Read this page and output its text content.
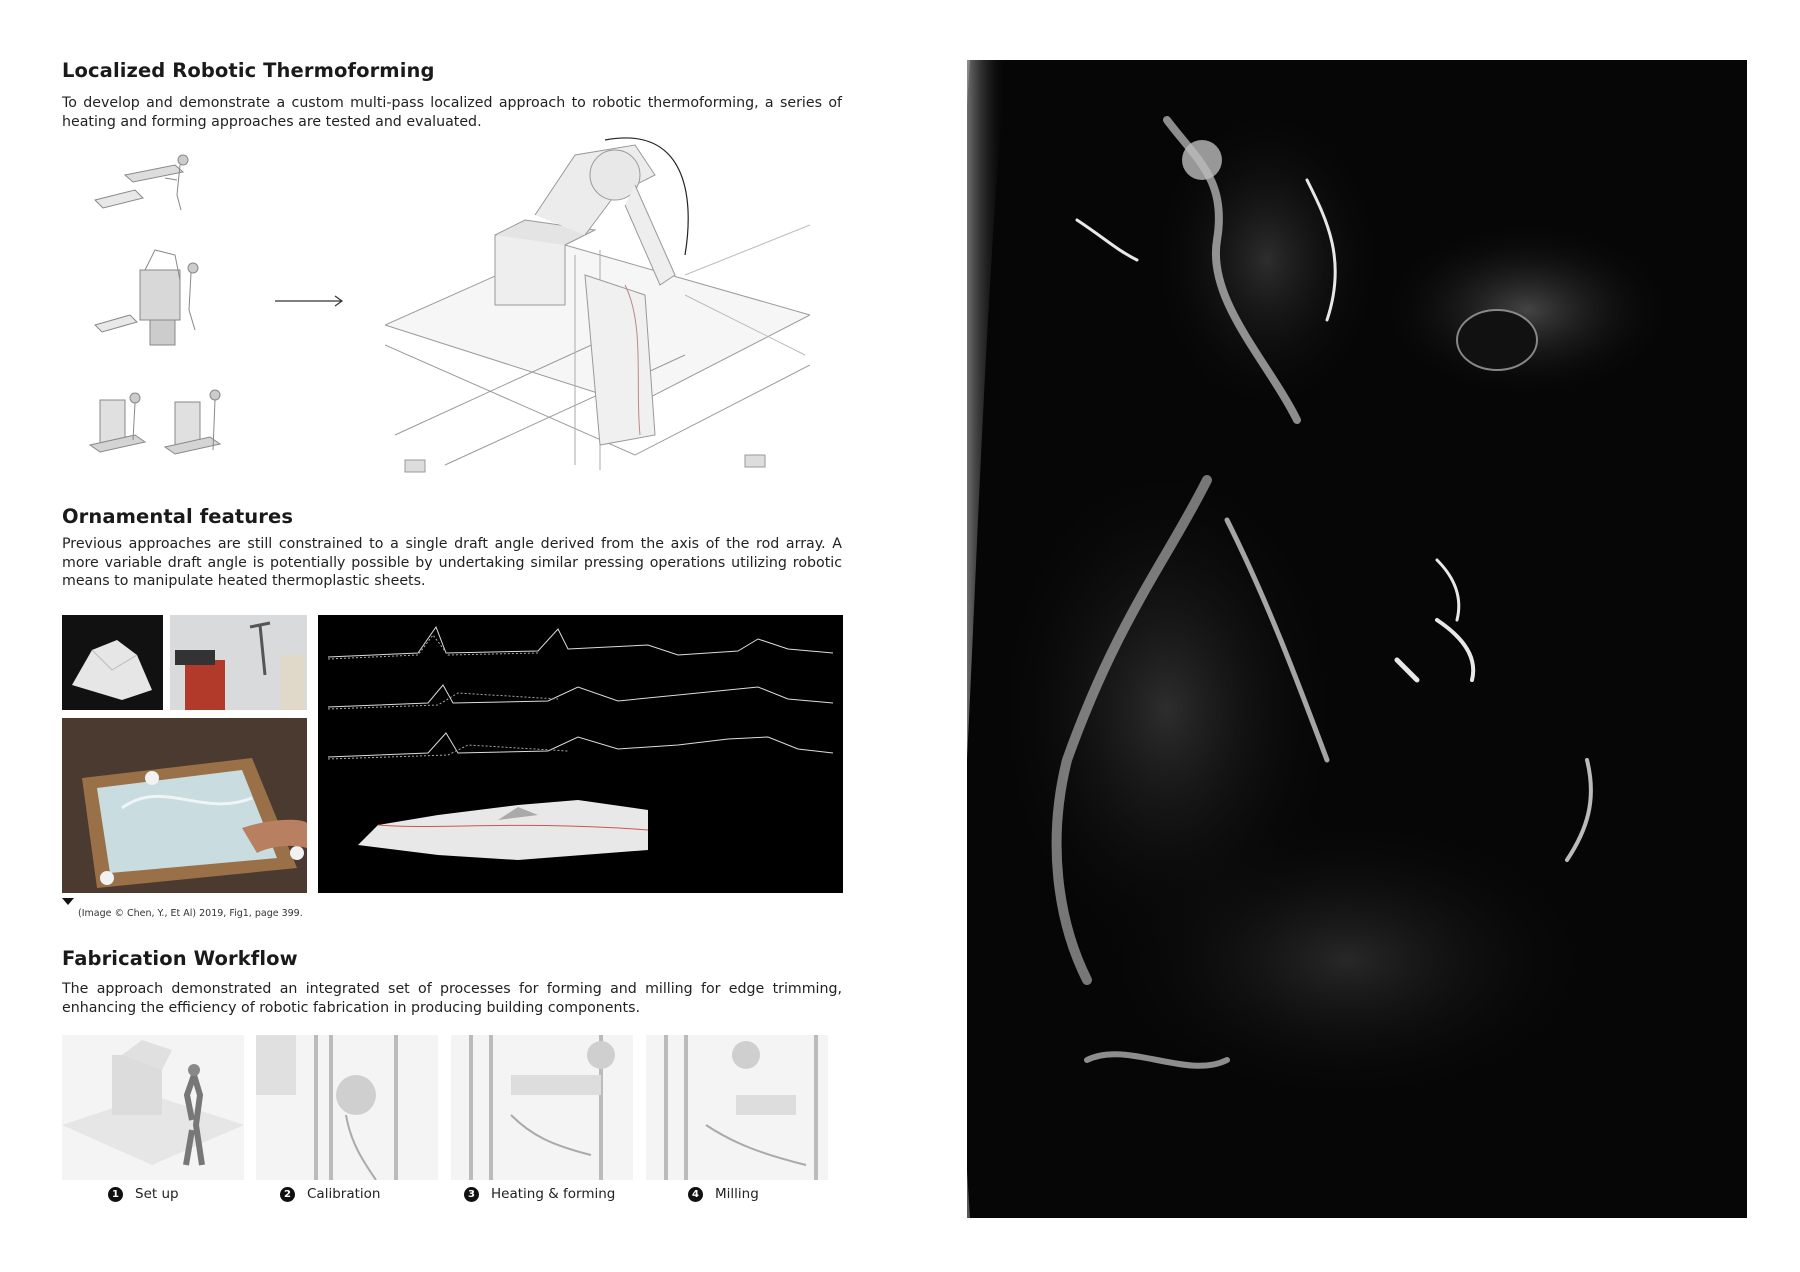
Localized Robotic Thermoforming

To develop and demonstrate a custom multi-pass localized approach to robotic thermoforming, a series of heating and forming approaches are tested and evaluated.

Ornamental features

Previous approaches are still constrained to a single draft angle derived from the axis of the rod array. A more variable draft angle is potentially possible by undertaking similar pressing operations utilizing robotic means to manipulate heated thermoplastic sheets.

(Image © Chen, Y., Et Al) 2019, Fig1, page 399.
Fabrication Workflow

The approach demonstrated an integrated set of processes for forming and milling for edge trimming, enhancing the efficiency of robotic fabrication in producing building components.

1 Set up	2 Calibration	3 Heating & forming	4 Milling
